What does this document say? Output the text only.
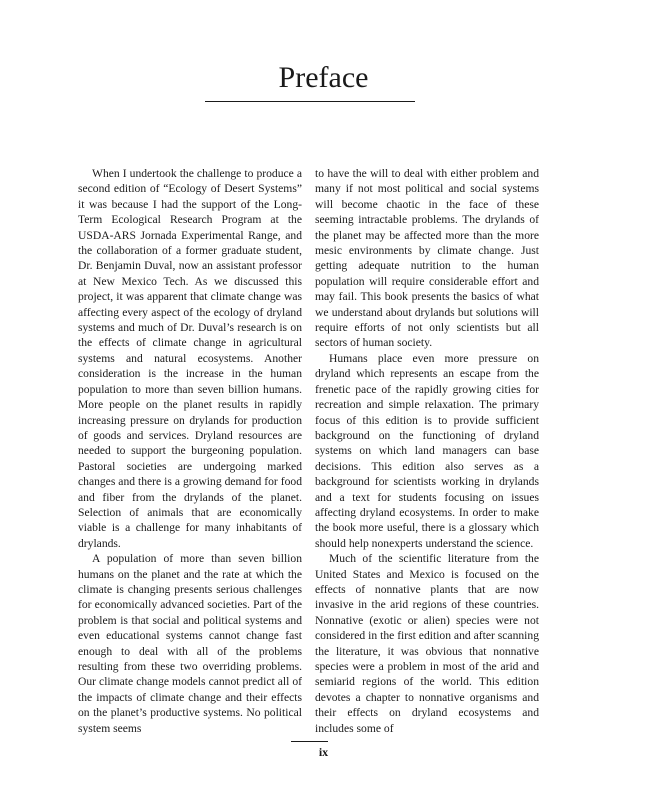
Preface

When I undertook the challenge to produce a second edition of “Ecology of Desert Systems” it was because I had the support of the Long-Term Ecological Research Program at the USDA-ARS Jornada Experimental Range, and the collaboration of a former graduate student, Dr. Benjamin Duval, now an assistant professor at New Mexico Tech. As we discussed this project, it was apparent that climate change was affecting every aspect of the ecology of dryland systems and much of Dr. Duval’s research is on the effects of climate change in agricultural systems and natural ecosystems. Another consideration is the increase in the human population to more than seven billion humans. More people on the planet results in rapidly increasing pressure on drylands for production of goods and services. Dryland resources are needed to support the burgeoning population. Pastoral societies are undergoing marked changes and there is a growing demand for food and fiber from the drylands of the planet. Selection of animals that are economically viable is a challenge for many inhabitants of drylands.

A population of more than seven billion humans on the planet and the rate at which the climate is changing presents serious challenges for economically advanced societies. Part of the problem is that social and political systems and even educational systems cannot change fast enough to deal with all of the problems resulting from these two overriding problems. Our climate change models cannot predict all of the impacts of climate change and their effects on the planet’s productive systems. No political system seems

to have the will to deal with either problem and many if not most political and social systems will become chaotic in the face of these seeming intractable problems. The drylands of the planet may be affected more than the more mesic environments by climate change. Just getting adequate nutrition to the human population will require considerable effort and may fail. This book presents the basics of what we understand about drylands but solutions will require efforts of not only scientists but all sectors of human society.

Humans place even more pressure on dryland which represents an escape from the frenetic pace of the rapidly growing cities for recreation and simple relaxation. The primary focus of this edition is to provide sufficient background on the functioning of dryland systems on which land managers can base decisions. This edition also serves as a background for scientists working in drylands and a text for students focusing on issues affecting dryland ecosystems. In order to make the book more useful, there is a glossary which should help nonexperts understand the science.

Much of the scientific literature from the United States and Mexico is focused on the effects of nonnative plants that are now invasive in the arid regions of these countries. Nonnative (exotic or alien) species were not considered in the first edition and after scanning the literature, it was obvious that nonnative species were a problem in most of the arid and semiarid regions of the world. This edition devotes a chapter to nonnative organisms and their effects on dryland ecosystems and includes some of

ix
